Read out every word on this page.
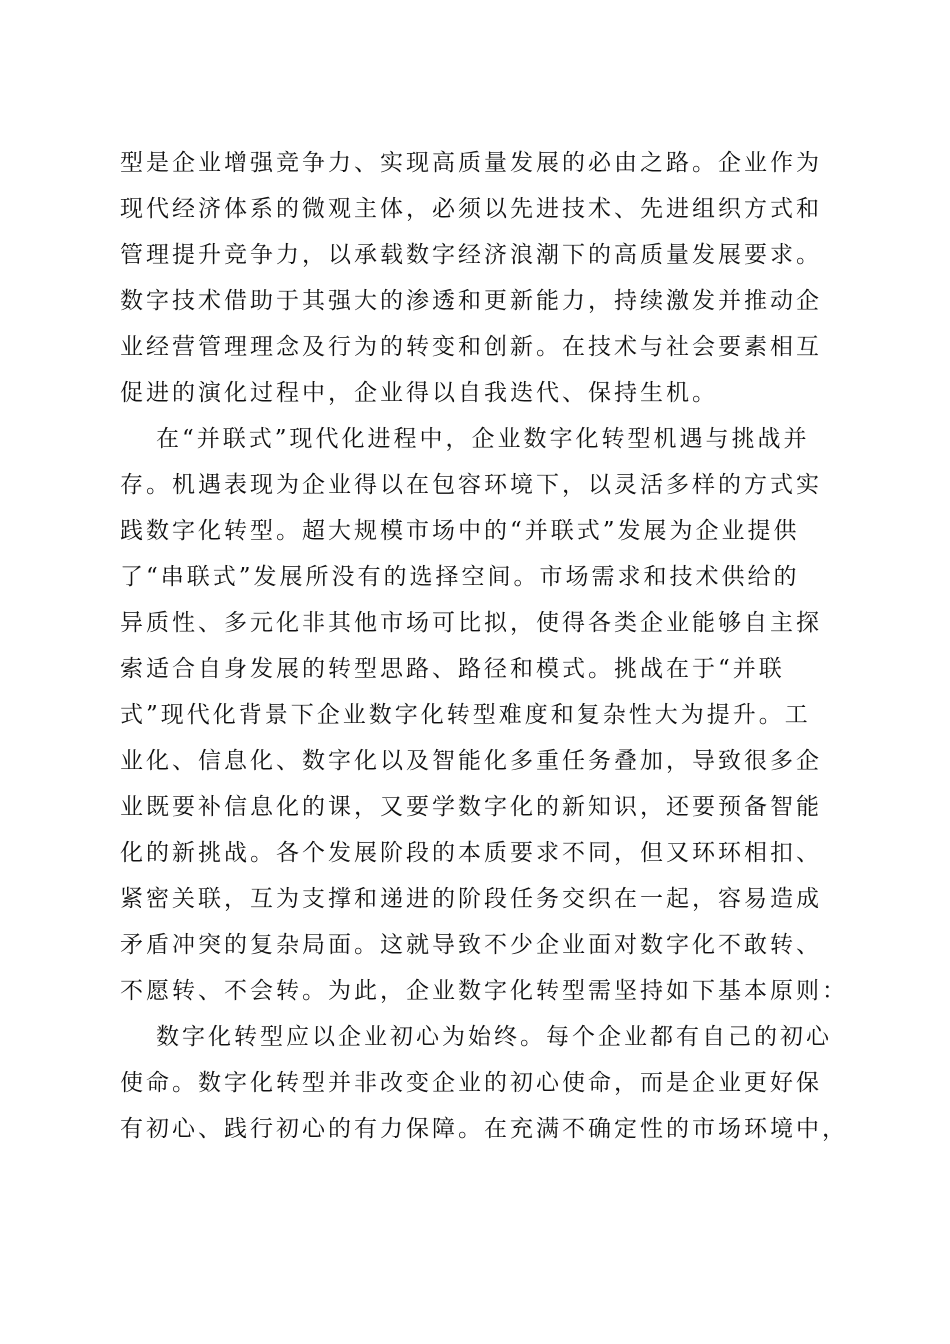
型是企业增强竞争力、实现高质量发展的必由之路。企业作为
现代经济体系的微观主体，必须以先进技术、先进组织方式和
管理提升竞争力，以承载数字经济浪潮下的高质量发展要求。
数字技术借助于其强大的渗透和更新能力，持续激发并推动企
业经营管理理念及行为的转变和创新。在技术与社会要素相互
促进的演化过程中，企业得以自我迭代、保持生机。
在“并联式”现代化进程中，企业数字化转型机遇与挑战并
存。机遇表现为企业得以在包容环境下，以灵活多样的方式实
践数字化转型。超大规模市场中的“并联式”发展为企业提供
了“串联式”发展所没有的选择空间。市场需求和技术供给的
异质性、多元化非其他市场可比拟，使得各类企业能够自主探
索适合自身发展的转型思路、路径和模式。挑战在于“并联
式”现代化背景下企业数字化转型难度和复杂性大为提升。工
业化、信息化、数字化以及智能化多重任务叠加，导致很多企
业既要补信息化的课，又要学数字化的新知识，还要预备智能
化的新挑战。各个发展阶段的本质要求不同，但又环环相扣、
紧密关联，互为支撑和递进的阶段任务交织在一起，容易造成
矛盾冲突的复杂局面。这就导致不少企业面对数字化不敢转、
不愿转、不会转。为此，企业数字化转型需坚持如下基本原则：
数字化转型应以企业初心为始终。每个企业都有自己的初心
使命。数字化转型并非改变企业的初心使命，而是企业更好保
有初心、践行初心的有力保障。在充满不确定性的市场环境中，
